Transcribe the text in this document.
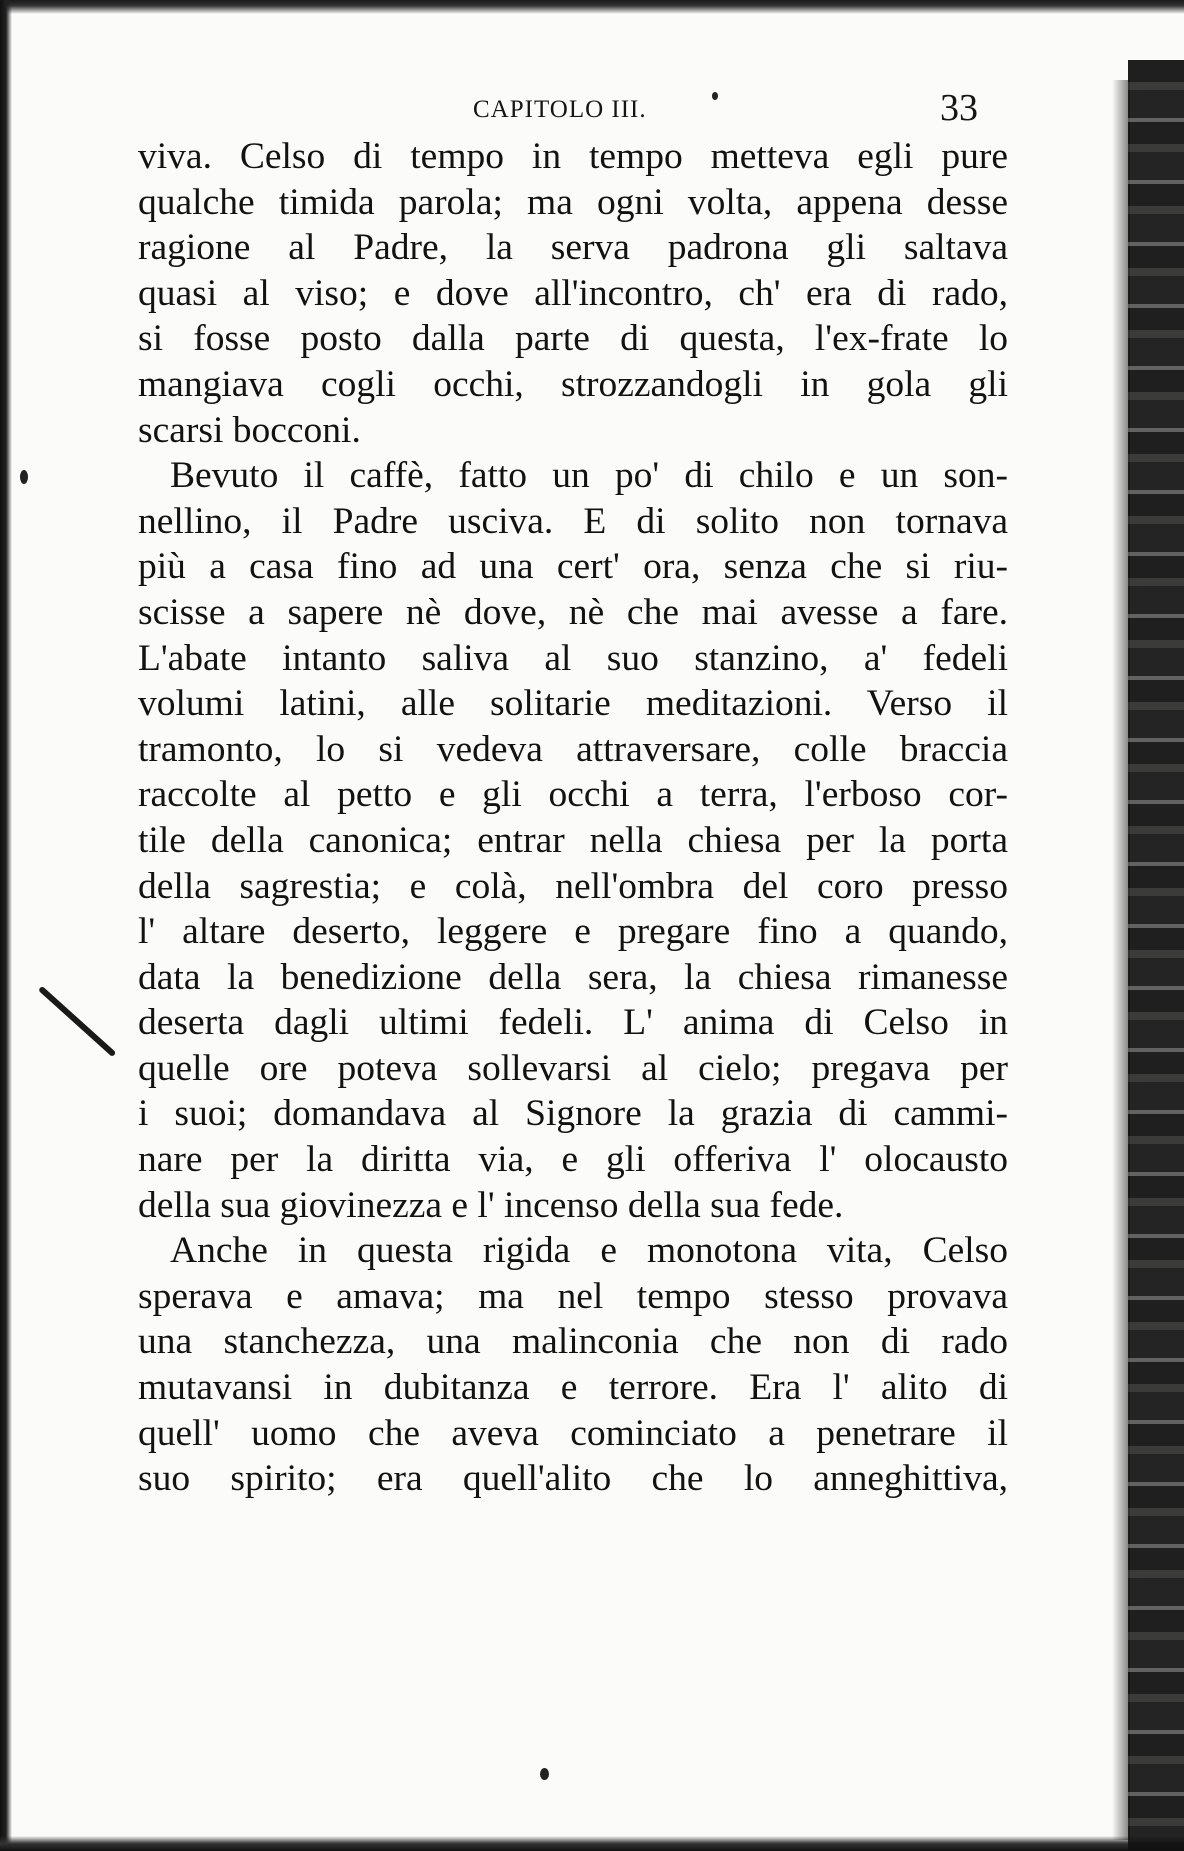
CAPITOLO III.	33
viva. Celso di tempo in tempo metteva egli pure
qualche timida parola; ma ogni volta, appena desse
ragione al Padre, la serva padrona gli saltava
quasi al viso; e dove all'incontro, ch' era di rado,
si fosse posto dalla parte di questa, l'ex-frate lo
mangiava cogli occhi, strozzandogli in gola gli
scarsi bocconi.
Bevuto il caffè, fatto un po' di chilo e un son-
nellino, il Padre usciva. E di solito non tornava
più a casa fino ad una cert' ora, senza che si riu-
scisse a sapere nè dove, nè che mai avesse a fare.
L'abate intanto saliva al suo stanzino, a' fedeli
volumi latini, alle solitarie meditazioni. Verso il
tramonto, lo si vedeva attraversare, colle braccia
raccolte al petto e gli occhi a terra, l'erboso cor-
tile della canonica; entrar nella chiesa per la porta
della sagrestia; e colà, nell'ombra del coro presso
l' altare deserto, leggere e pregare fino a quando,
data la benedizione della sera, la chiesa rimanesse
deserta dagli ultimi fedeli. L' anima di Celso in
quelle ore poteva sollevarsi al cielo; pregava per
i suoi; domandava al Signore la grazia di cammi-
nare per la diritta via, e gli offeriva l' olocausto
della sua giovinezza e l' incenso della sua fede.
Anche in questa rigida e monotona vita, Celso
sperava e amava; ma nel tempo stesso provava
una stanchezza, una malinconia che non di rado
mutavansi in dubitanza e terrore. Era l' alito di
quell' uomo che aveva cominciato a penetrare il
suo spirito; era quell'alito che lo anneghittiva,
